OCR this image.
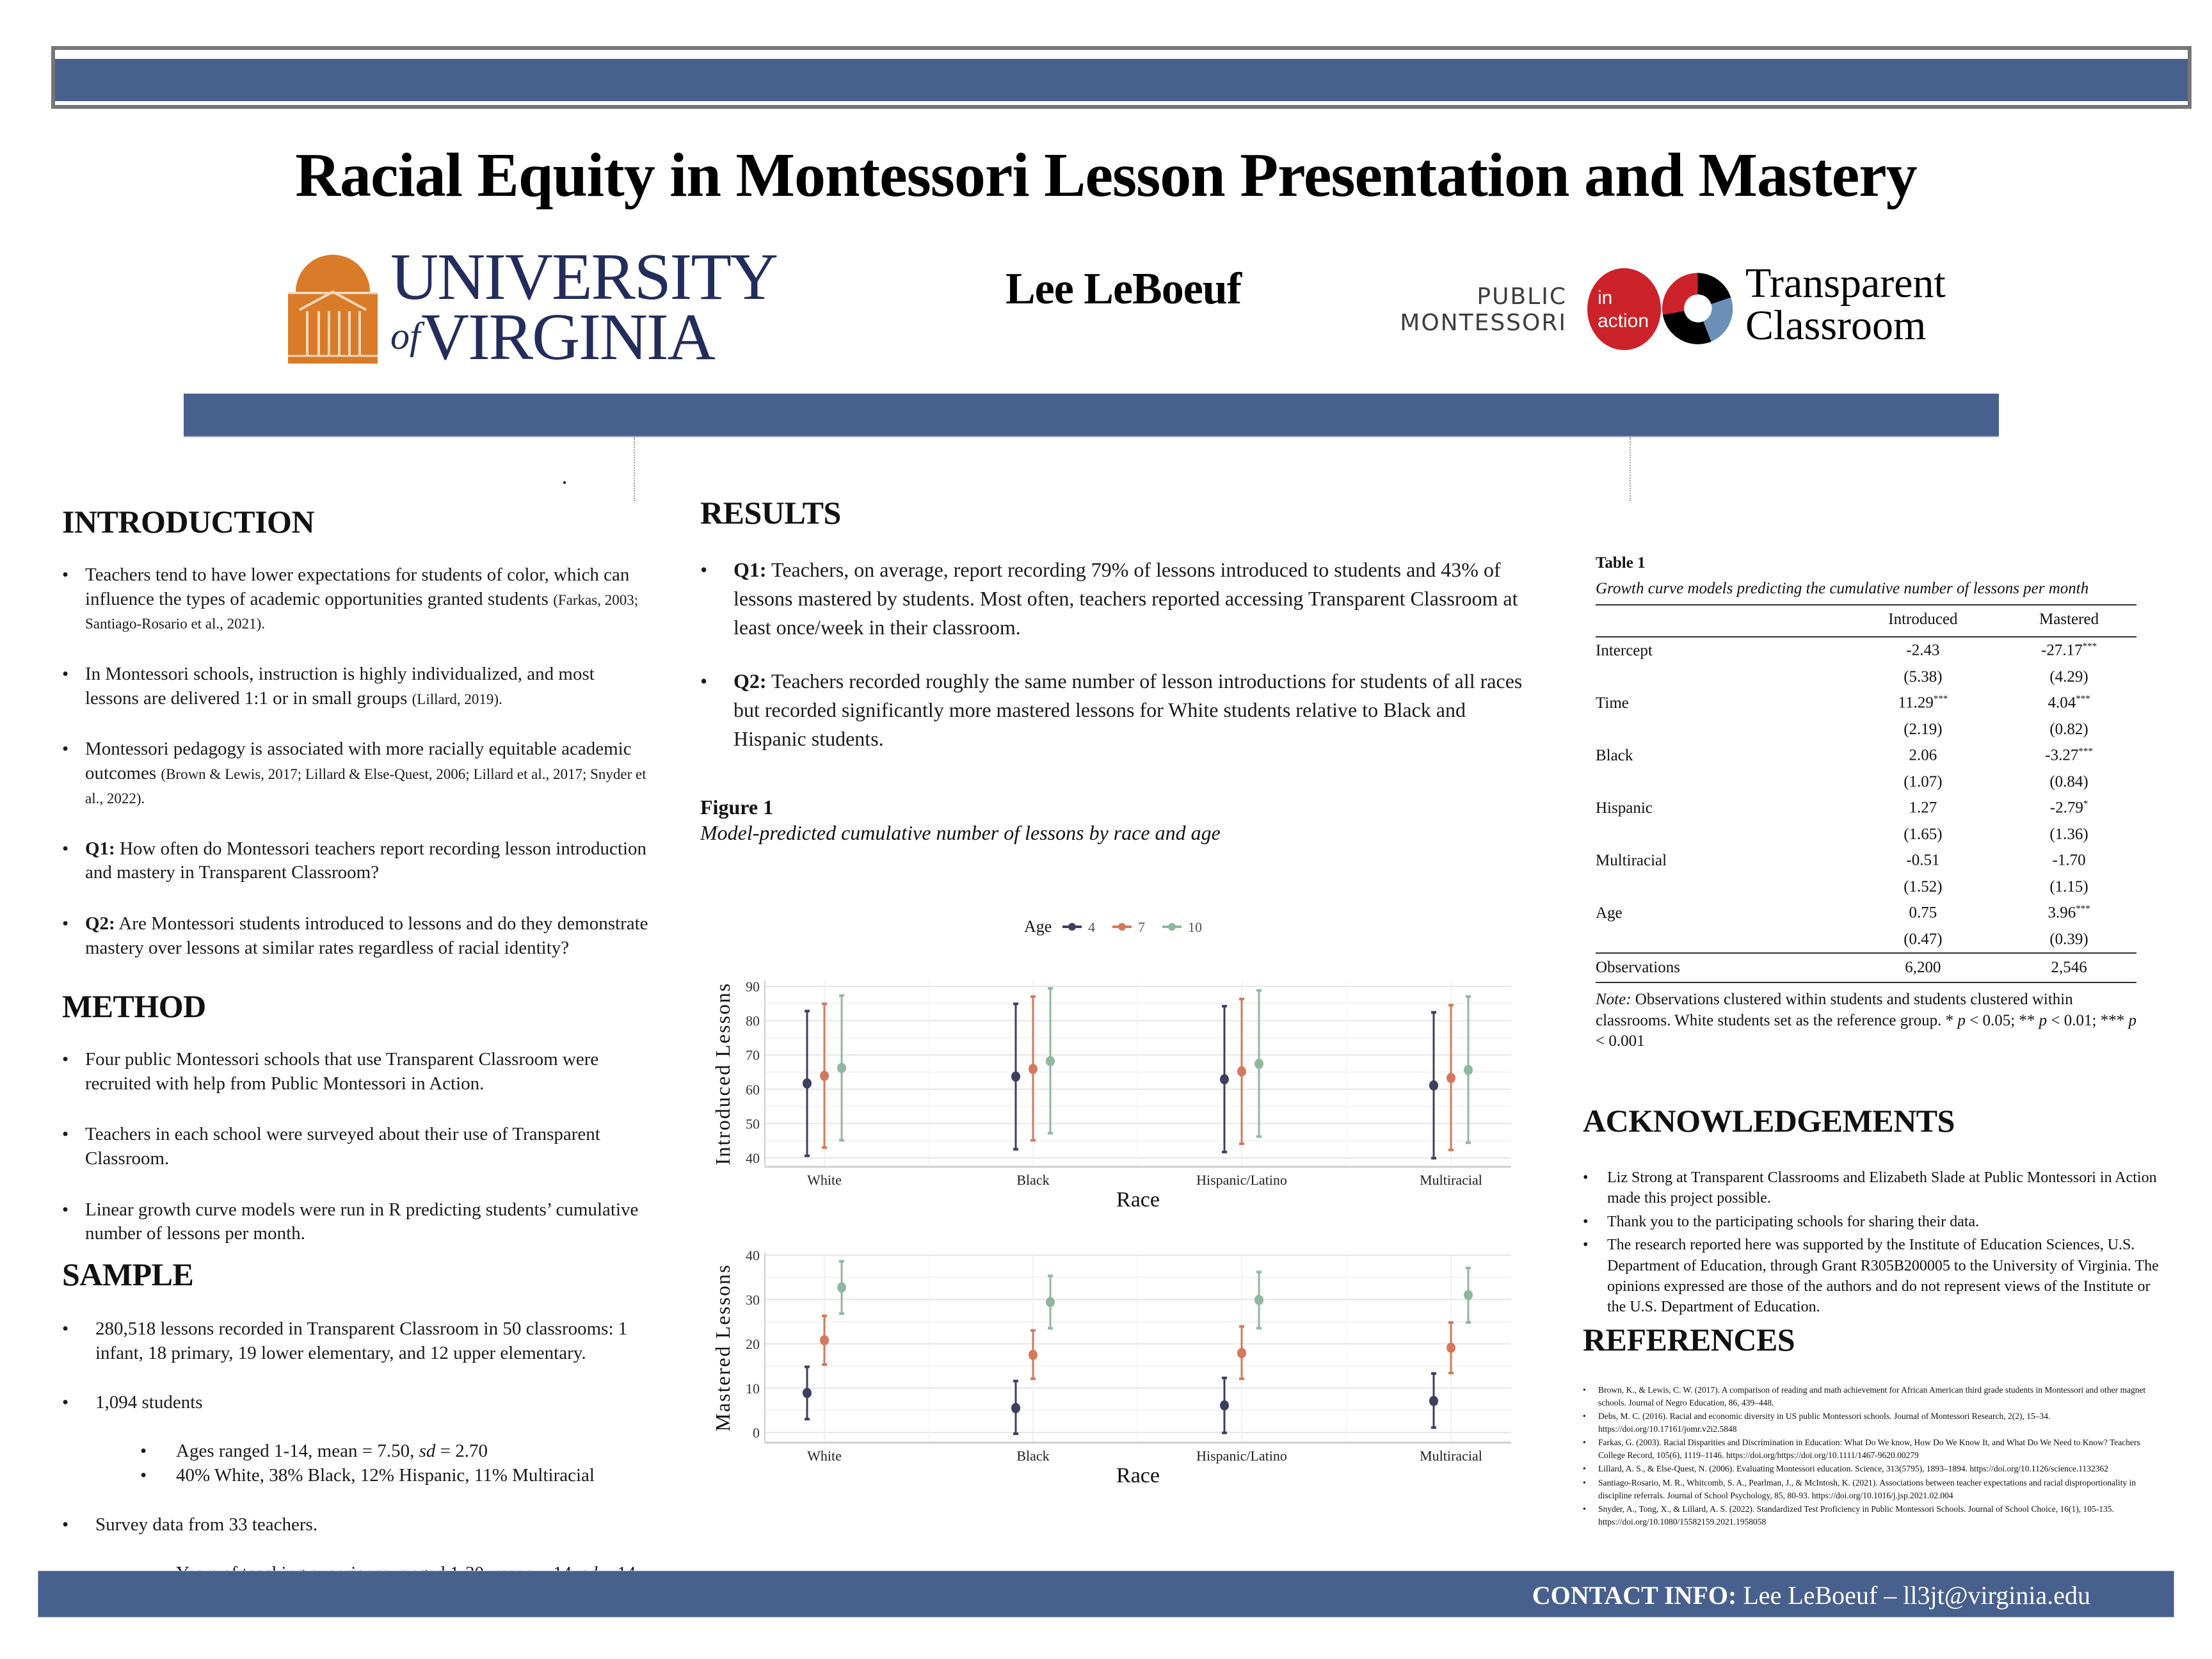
Racial Equity in Montessori Lesson Presentation and Mastery
UNIVERSITY
of VIRGINIA
Lee LeBoeuf	PUBLIC
MONTESSORI
in
action
Transparent
Classroom
INTRODUCTION
• Teachers tend to have lower expectations for students of color, which can influence the types of academic opportunities granted students (Farkas, 2003; Santiago-Rosario et al., 2021).
• In Montessori schools, instruction is highly individualized, and most lessons are delivered 1:1 or in small groups (Lillard, 2019).
• Montessori pedagogy is associated with more racially equitable academic outcomes (Brown & Lewis, 2017; Lillard & Else-Quest, 2006; Lillard et al., 2017; Snyder et al., 2022).
• Q1: How often do Montessori teachers report recording lesson introduction and mastery in Transparent Classroom?
• Q2: Are Montessori students introduced to lessons and do they demonstrate mastery over lessons at similar rates regardless of racial identity?
METHOD
• Four public Montessori schools that use Transparent Classroom were recruited with help from Public Montessori in Action.
• Teachers in each school were surveyed about their use of Transparent Classroom.
• Linear growth curve models were run in R predicting students’ cumulative number of lessons per month.
SAMPLE
• 280,518 lessons recorded in Transparent Classroom in 50 classrooms: 1 infant, 18 primary, 19 lower elementary, and 12 upper elementary.
• 1,094 students
• Ages ranged 1-14, mean = 7.50, sd = 2.70
• 40% White, 38% Black, 12% Hispanic, 11% Multiracial
• Survey data from 33 teachers.
•
•
RESULTS
• Q1: Teachers, on average, report recording 79% of lessons introduced to students and 43% of lessons mastered by students. Most often, teachers reported accessing Transparent Classroom at least once/week in their classroom.
• Q2: Teachers recorded roughly the same number of lesson introductions for students of all races but recorded significantly more mastered lessons for White students relative to Black and Hispanic students.
Figure 1
Model-predicted cumulative number of lessons by race and age
Age	4	7	10
40
50
60
70
80
90
Introduced Lessons
White	Black	Hispanic/Latino	Multiracial
Race
0
10
20
30
40
Mastered Lessons
White	Black	Hispanic/Latino	Multiracial
Race
Table 1
Growth curve models predicting the cumulative number of lessons per month
	Introduced	Mastered
Intercept	-2.43	-27.17***
	(5.38)	(4.29)
Time	11.29***	4.04***
	(2.19)	(0.82)
Black	2.06	-3.27***
	(1.07)	(0.84)
Hispanic	1.27	-2.79*
	(1.65)	(1.36)
Multiracial	-0.51	-1.70
	(1.52)	(1.15)
Age	0.75	3.96***
	(0.47)	(0.39)
Observations	6,200	2,546
Note: Observations clustered within students and students clustered within classrooms. White students set as the reference group. * p < 0.05; ** p < 0.01; *** p < 0.001
ACKNOWLEDGEMENTS
• Liz Strong at Transparent Classrooms and Elizabeth Slade at Public Montessori in Action made this project possible.
• Thank you to the participating schools for sharing their data.
• The research reported here was supported by the Institute of Education Sciences, U.S. Department of Education, through Grant R305B200005 to the University of Virginia. The opinions expressed are those of the authors and do not represent views of the Institute or the U.S. Department of Education.
REFERENCES
• Brown, K., & Lewis, C. W. (2017). A comparison of reading and math achievement for African American third grade students in Montessori and other magnet schools. Journal of Negro Education, 86, 439–448.
• Debs, M. C. (2016). Racial and economic diversity in US public Montessori schools. Journal of Montessori Research, 2(2), 15–34. https://doi.org/10.17161/jomr.v2i2.5848
• Farkas, G. (2003). Racial Disparities and Discrimination in Education: What Do We know, How Do We Know It, and What Do We Need to Know? Teachers College Record, 105(6), 1119–1146. https://doi.org/https://doi.org/10.1111/1467-9620.00279
• Lillard, A. S., & Else-Quest, N. (2006). Evaluating Montessori education. Science, 313(5795), 1893–1894. https://doi.org/10.1126/science.1132362
• Santiago-Rosario, M. R., Whitcomb, S. A., Pearlman, J., & McIntosh, K. (2021). Associations between teacher expectations and racial disproportionality in discipline referrals. Journal of School Psychology, 85, 80-93. https://doi.org/10.1016/j.jsp.2021.02.004
• Snyder, A., Tong, X., & Lillard, A. S. (2022). Standardized Test Proficiency in Public Montessori Schools. Journal of School Choice, 16(1), 105-135. https://doi.org/10.1080/15582159.2021.1958058
CONTACT INFO: Lee LeBoeuf – ll3jt@virginia.edu
